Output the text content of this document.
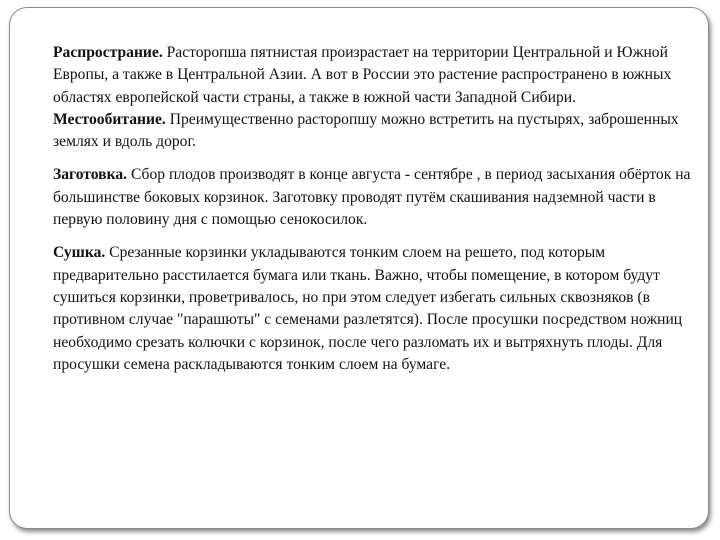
Распространие. Расторопша пятнистая произрастает на территории Центральной и Южной Европы, а также в Центральной Азии. А вот в России это растение распространено в южных областях европейской части страны, а также в южной части Западной Сибири.

Местообитание. Преимущественно расторопшу можно встретить на пустырях, заброшенных землях и вдоль дорог.

Заготовка. Сбор плодов производят в конце августа - сентябре , в период засыхания обёрток на большинстве боковых корзинок. Заготовку проводят путём скашивания надземной части в первую половину дня с помощью сенокосилок.

Сушка. Срезанные корзинки укладываются тонким слоем на решето, под которым предварительно расстилается бумага или ткань. Важно, чтобы помещение, в котором будут сушиться корзинки, проветривалось, но при этом следует избегать сильных сквозняков (в противном случае "парашюты" с семенами разлетятся). После просушки посредством ножниц необходимо срезать колючки с корзинок, после чего разломать их и вытряхнуть плоды. Для просушки семена раскладываются тонким слоем на бумаге.
